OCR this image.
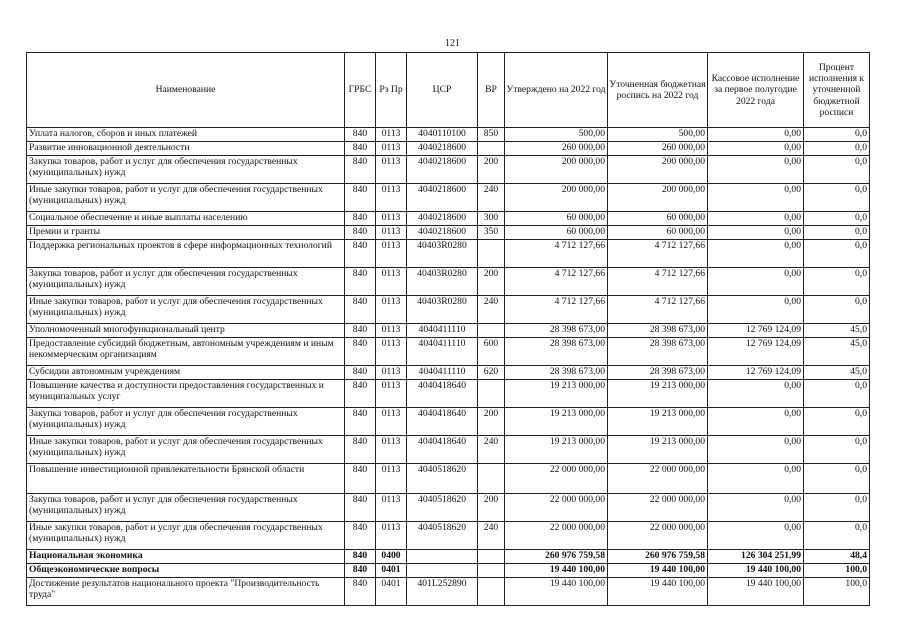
121
Наименование	ГРБС	Рз Пр	ЦСР	ВР	Утверждено на 2022 год	Уточненная бюджетная роспись на 2022 год	Кассовое исполнение за первое полугодие 2022 года	Процент исполнения к уточненной бюджетной росписи
Уплата налогов, сборов и иных платежей	840	0113	4040110100	850	500,00	500,00	0,00	0,0
Развитие инновационной деятельности	840	0113	4040218600		260 000,00	260 000,00	0,00	0,0
Закупка товаров, работ и услуг для обеспечения государственных (муниципальных) нужд	840	0113	4040218600	200	200 000,00	200 000,00	0,00	0,0
Иные закупки товаров, работ и услуг для обеспечения государственных (муниципальных) нужд	840	0113	4040218600	240	200 000,00	200 000,00	0,00	0,0
Социальное обеспечение и иные выплаты населению	840	0113	4040218600	300	60 000,00	60 000,00	0,00	0,0
Премии и гранты	840	0113	4040218600	350	60 000,00	60 000,00	0,00	0,0
Поддержка региональных проектов в сфере информационных технологий	840	0113	40403R0280		4 712 127,66	4 712 127,66	0,00	0,0
Закупка товаров, работ и услуг для обеспечения государственных (муниципальных) нужд	840	0113	40403R0280	200	4 712 127,66	4 712 127,66	0,00	0,0
Иные закупки товаров, работ и услуг для обеспечения государственных (муниципальных) нужд	840	0113	40403R0280	240	4 712 127,66	4 712 127,66	0,00	0,0
Уполномоченный многофункциональный центр	840	0113	4040411110		28 398 673,00	28 398 673,00	12 769 124,09	45,0
Предоставление субсидий бюджетным, автономным учреждениям и иным некоммерческим организациям	840	0113	4040411110	600	28 398 673,00	28 398 673,00	12 769 124,09	45,0
Субсидии автономным учреждениям	840	0113	4040411110	620	28 398 673,00	28 398 673,00	12 769 124,09	45,0
Повышение качества и доступности предоставления государственных и муниципальных услуг	840	0113	4040418640		19 213 000,00	19 213 000,00	0,00	0,0
Закупка товаров, работ и услуг для обеспечения государственных (муниципальных) нужд	840	0113	4040418640	200	19 213 000,00	19 213 000,00	0,00	0,0
Иные закупки товаров, работ и услуг для обеспечения государственных (муниципальных) нужд	840	0113	4040418640	240	19 213 000,00	19 213 000,00	0,00	0,0
Повышение инвестиционной привлекательности Брянской области	840	0113	4040518620		22 000 000,00	22 000 000,00	0,00	0,0
Закупка товаров, работ и услуг для обеспечения государственных (муниципальных) нужд	840	0113	4040518620	200	22 000 000,00	22 000 000,00	0,00	0,0
Иные закупки товаров, работ и услуг для обеспечения государственных (муниципальных) нужд	840	0113	4040518620	240	22 000 000,00	22 000 000,00	0,00	0,0
Национальная экономика	840	0400			260 976 759,58	260 976 759,58	126 304 251,99	48,4
Общеэкономические вопросы	840	0401			19 440 100,00	19 440 100,00	19 440 100,00	100,0
Достижение результатов национального проекта "Производительность труда"	840	0401	401L252890		19 440 100,00	19 440 100,00	19 440 100,00	100,0
